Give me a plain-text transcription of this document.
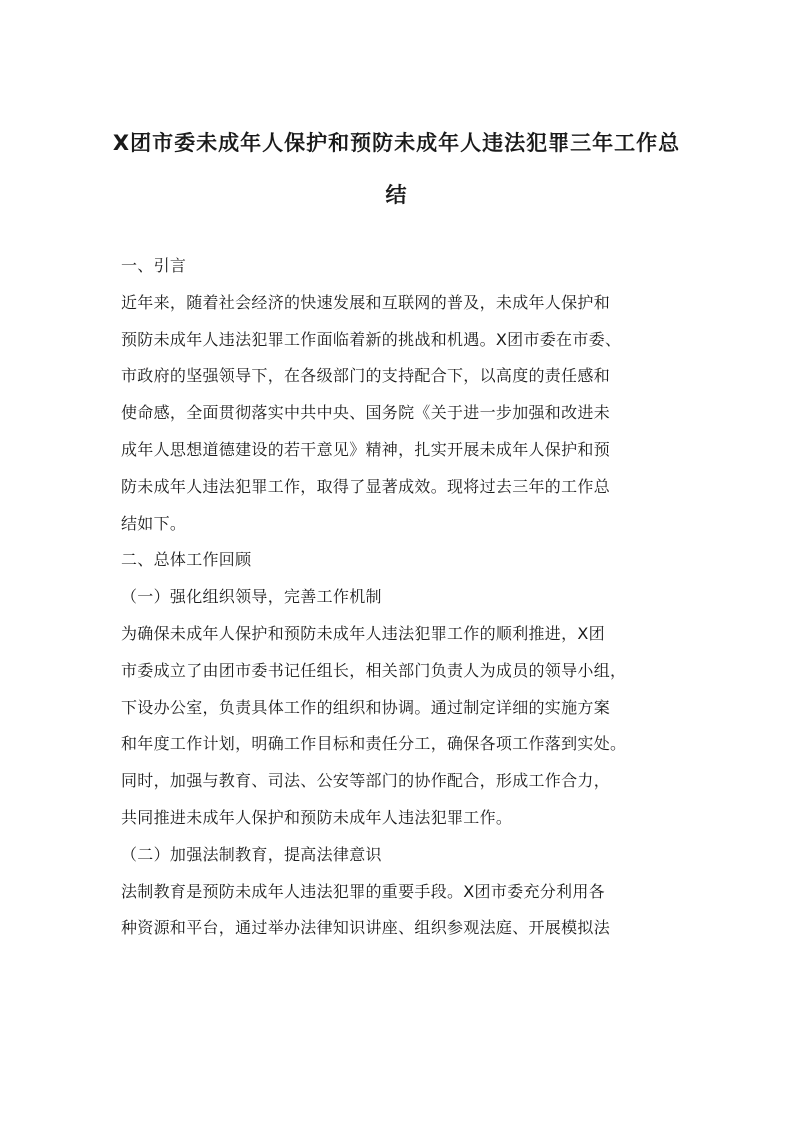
X团市委未成年人保护和预防未成年人违法犯罪三年工作总
结
一、引言
近年来，随着社会经济的快速发展和互联网的普及，未成年人保护和
预防未成年人违法犯罪工作面临着新的挑战和机遇。X团市委在市委、
市政府的坚强领导下，在各级部门的支持配合下，以高度的责任感和
使命感，全面贯彻落实中共中央、国务院《关于进一步加强和改进未
成年人思想道德建设的若干意见》精神，扎实开展未成年人保护和预
防未成年人违法犯罪工作，取得了显著成效。现将过去三年的工作总
结如下。
二、总体工作回顾
（一）强化组织领导，完善工作机制
为确保未成年人保护和预防未成年人违法犯罪工作的顺利推进，X团
市委成立了由团市委书记任组长，相关部门负责人为成员的领导小组，
下设办公室，负责具体工作的组织和协调。通过制定详细的实施方案
和年度工作计划，明确工作目标和责任分工，确保各项工作落到实处。
同时，加强与教育、司法、公安等部门的协作配合，形成工作合力，
共同推进未成年人保护和预防未成年人违法犯罪工作。
（二）加强法制教育，提高法律意识
法制教育是预防未成年人违法犯罪的重要手段。X团市委充分利用各
种资源和平台，通过举办法律知识讲座、组织参观法庭、开展模拟法
